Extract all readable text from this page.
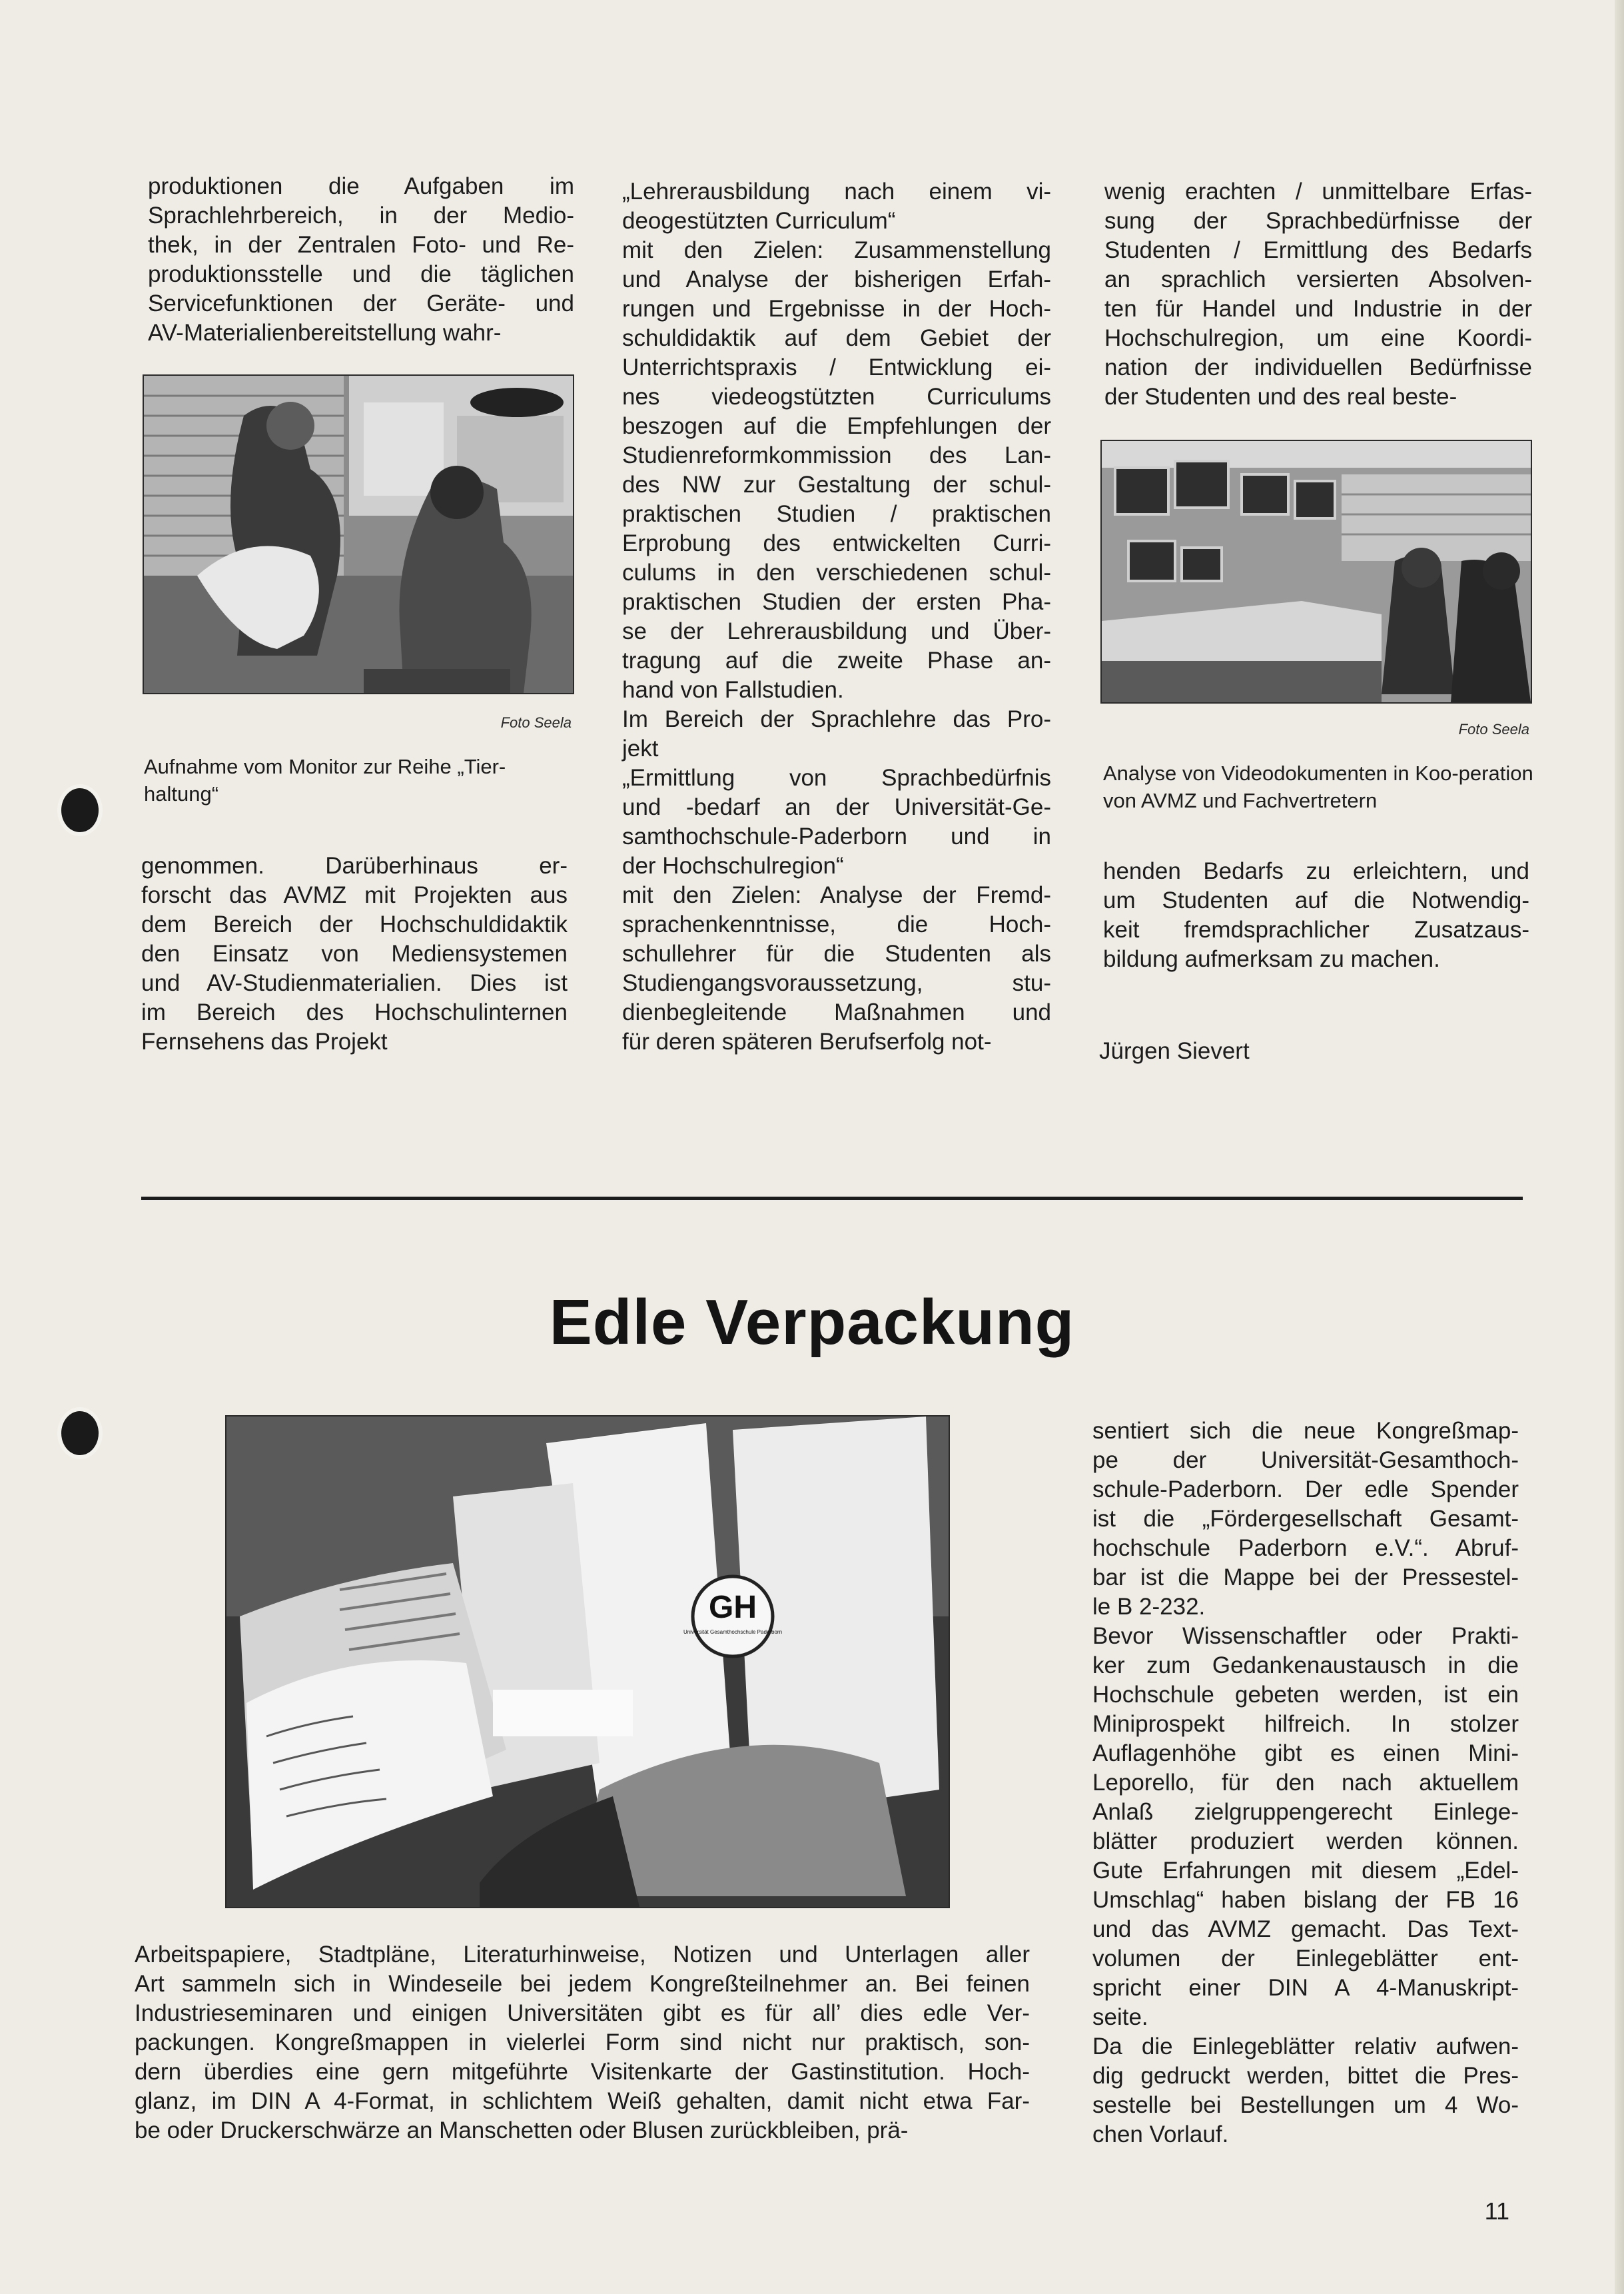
produktionen die Aufgaben im

Sprachlehrbereich, in der Medio-

thek, in der Zentralen Foto- und Re-

produktionsstelle und die täglichen

Servicefunktionen der Geräte- und

AV-Materialienbereitstellung wahr-

Foto Seela

Aufnahme vom Monitor zur Reihe „Tier-haltung“

genommen. Darüberhinaus er-

forscht das AVMZ mit Projekten aus

dem Bereich der Hochschuldidaktik

den Einsatz von Mediensystemen

und AV-Studienmaterialien. Dies ist

im Bereich des Hochschulinternen

Fernsehens das Projekt

„Lehrerausbildung nach einem vi-

deogestützten Curriculum“

mit den Zielen: Zusammenstellung

und Analyse der bisherigen Erfah-

rungen und Ergebnisse in der Hoch-

schuldidaktik auf dem Gebiet der

Unterrichtspraxis / Entwicklung ei-

nes viedeogstützten Curriculums

beszogen auf die Empfehlungen der

Studienreformkommission des Lan-

des NW zur Gestaltung der schul-

praktischen Studien / praktischen

Erprobung des entwickelten Curri-

culums in den verschiedenen schul-

praktischen Studien der ersten Pha-

se der Lehrerausbildung und Über-

tragung auf die zweite Phase an-

hand von Fallstudien.

Im Bereich der Sprachlehre das Pro-

jekt

„Ermittlung von Sprachbedürfnis

und -bedarf an der Universität-Ge-

samthochschule-Paderborn und in

der Hochschulregion“

mit den Zielen: Analyse der Fremd-

sprachenkenntnisse, die Hoch-

schullehrer für die Studenten als

Studiengangsvoraussetzung, stu-

dienbegleitende Maßnahmen und

für deren späteren Berufserfolg not-

wenig erachten / unmittelbare Erfas-

sung der Sprachbedürfnisse der

Studenten / Ermittlung des Bedarfs

an sprachlich versierten Absolven-

ten für Handel und Industrie in der

Hochschulregion, um eine Koordi-

nation der individuellen Bedürfnisse

der Studenten und des real beste-

Foto Seela

Analyse von Videodokumenten in Koo-peration von AVMZ und Fachvertretern

henden Bedarfs zu erleichtern, und

um Studenten auf die Notwendig-

keit fremdsprachlicher Zusatzaus-

bildung aufmerksam zu machen.

Jürgen Sievert
Edle Verpackung
GH
Universität Gesamthochschule Paderborn

Arbeitspapiere, Stadtpläne, Literaturhinweise, Notizen und Unterlagen aller

Art sammeln sich in Windeseile bei jedem Kongreßteilnehmer an. Bei feinen

Industrieseminaren und einigen Universitäten gibt es für all’ dies edle Ver-

packungen. Kongreßmappen in vielerlei Form sind nicht nur praktisch, son-

dern überdies eine gern mitgeführte Visitenkarte der Gastinstitution. Hoch-

glanz, im DIN A 4-Format, in schlichtem Weiß gehalten, damit nicht etwa Far-

be oder Druckerschwärze an Manschetten oder Blusen zurückbleiben, prä-

sentiert sich die neue Kongreßmap-

pe der Universität-Gesamthoch-

schule-Paderborn. Der edle Spender

ist die „Fördergesellschaft Gesamt-

hochschule Paderborn e.V.“. Abruf-

bar ist die Mappe bei der Pressestel-

le B 2-232.

Bevor Wissenschaftler oder Prakti-

ker zum Gedankenaustausch in die

Hochschule gebeten werden, ist ein

Miniprospekt hilfreich. In stolzer

Auflagenhöhe gibt es einen Mini-

Leporello, für den nach aktuellem

Anlaß zielgruppengerecht Einlege-

blätter produziert werden können.

Gute Erfahrungen mit diesem „Edel-

Umschlag“ haben bislang der FB 16

und das AVMZ gemacht. Das Text-

volumen der Einlegeblätter ent-

spricht einer DIN A 4-Manuskript-

seite.

Da die Einlegeblätter relativ aufwen-

dig gedruckt werden, bittet die Pres-

sestelle bei Bestellungen um 4 Wo-

chen Vorlauf.

11
